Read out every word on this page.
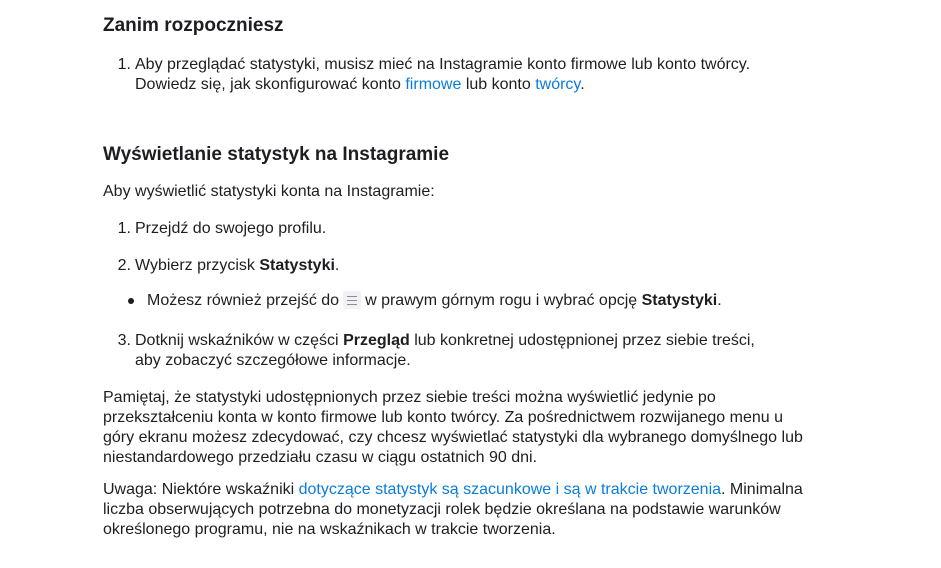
Zanim rozpoczniesz
1. Aby przeglądać statystyki, musisz mieć na Instagramie konto firmowe lub konto twórcy.
Dowiedz się, jak skonfigurować konto firmowe lub konto twórcy.
Wyświetlanie statystyk na Instagramie
Aby wyświetlić statystyki konta na Instagramie:
1. Przejdź do swojego profilu.
2. Wybierz przycisk Statystyki.
Możesz również przejść do w prawym górnym rogu i wybrać opcję Statystyki.
3. Dotknij wskaźników w części Przegląd lub konkretnej udostępnionej przez siebie treści,
aby zobaczyć szczegółowe informacje.
Pamiętaj, że statystyki udostępnionych przez siebie treści można wyświetlić jedynie po
przekształceniu konta w konto firmowe lub konto twórcy. Za pośrednictwem rozwijanego menu u
góry ekranu możesz zdecydować, czy chcesz wyświetlać statystyki dla wybranego domyślnego lub
niestandardowego przedziału czasu w ciągu ostatnich 90 dni.
Uwaga: Niektóre wskaźniki dotyczące statystyk są szacunkowe i są w trakcie tworzenia. Minimalna
liczba obserwujących potrzebna do monetyzacji rolek będzie określana na podstawie warunków
określonego programu, nie na wskaźnikach w trakcie tworzenia.
